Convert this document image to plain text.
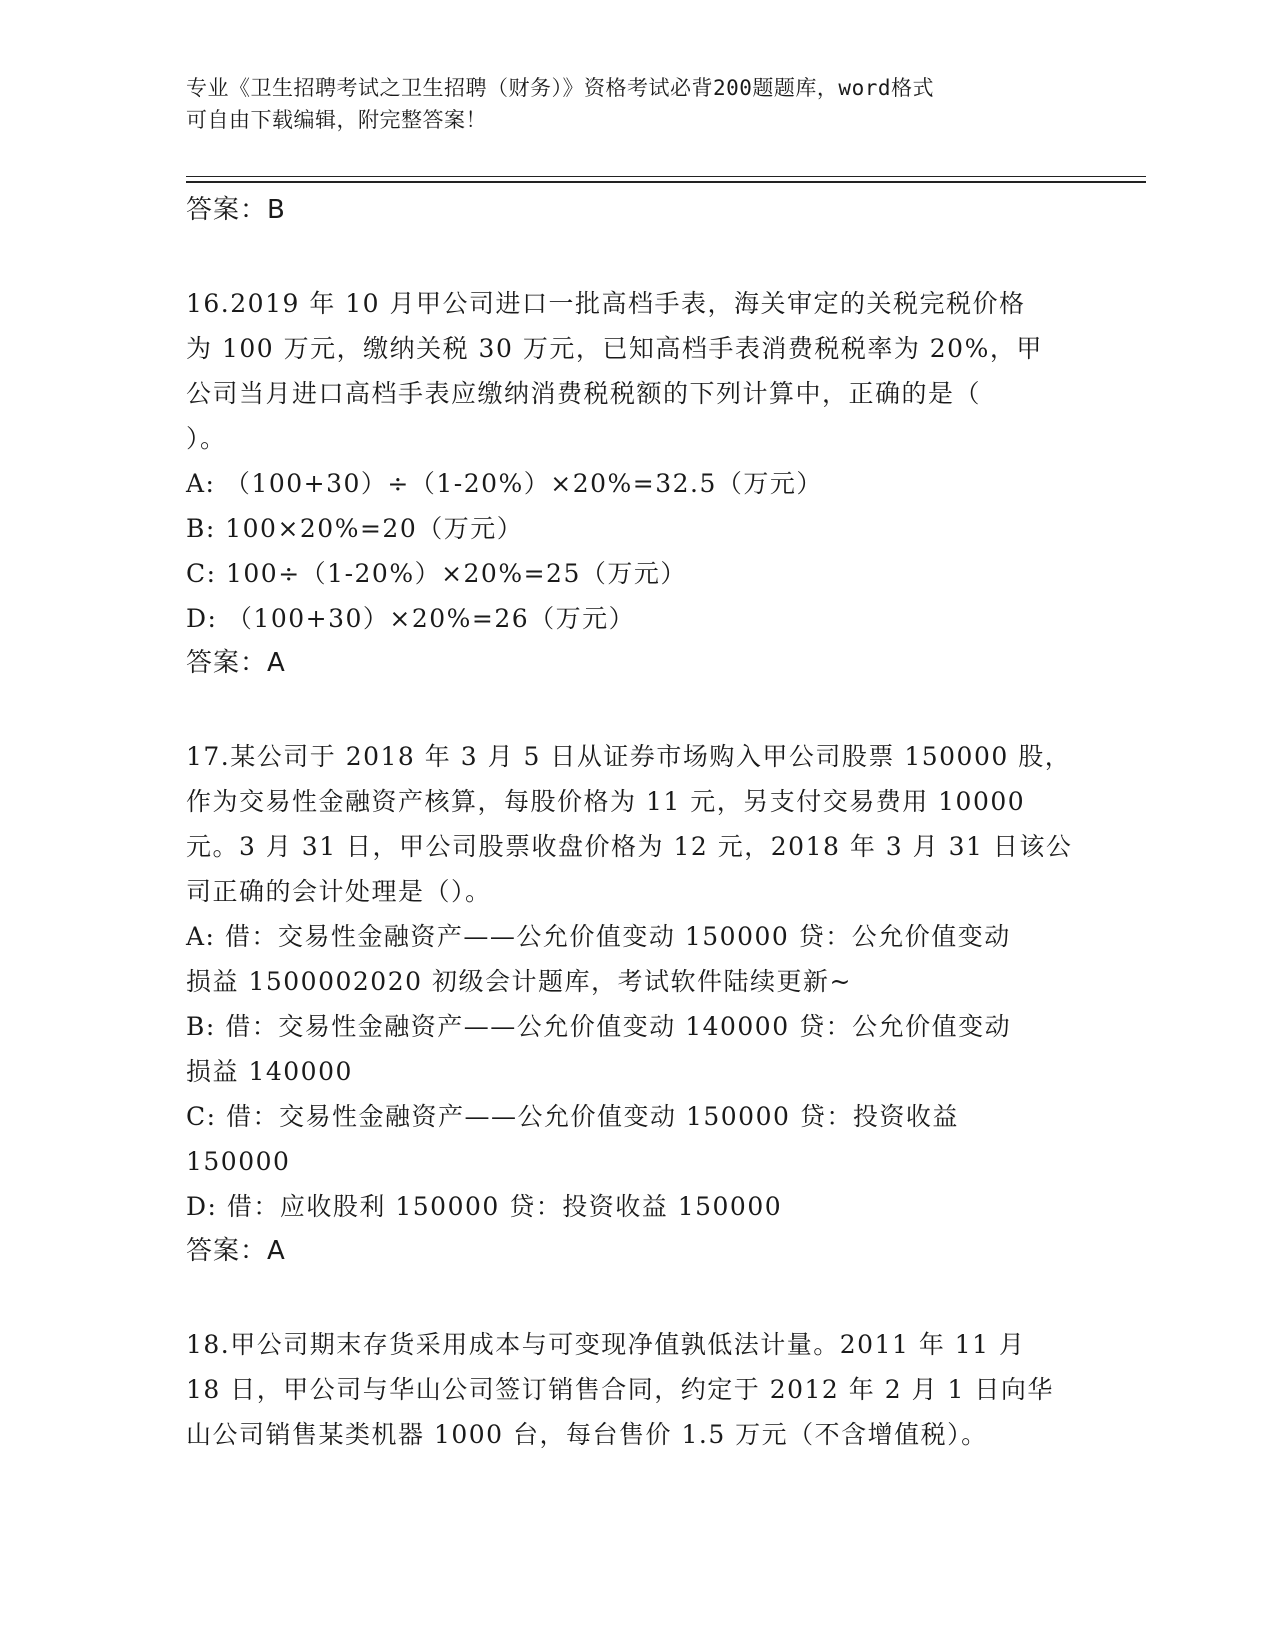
专业《卫生招聘考试之卫生招聘（财务）》资格考试必背200题题库，word格式
可自由下载编辑，附完整答案！
答案：B
16.2019 年 10 月甲公司进口一批高档手表，海关审定的关税完税价格
为 100 万元，缴纳关税 30 万元，已知高档手表消费税税率为 20%，甲
公司当月进口高档手表应缴纳消费税税额的下列计算中，正确的是（
）。
A: （100+30）÷（1-20%）×20%=32.5（万元）
B: 100×20%=20（万元）
C: 100÷（1-20%）×20%=25（万元）
D: （100+30）×20%=26（万元）
答案：A
17.某公司于 2018 年 3 月 5 日从证券市场购入甲公司股票 150000 股，
作为交易性金融资产核算，每股价格为 11 元，另支付交易费用 10000
元。3 月 31 日，甲公司股票收盘价格为 12 元，2018 年 3 月 31 日该公
司正确的会计处理是（）。
A: 借：交易性金融资产——公允价值变动 150000 贷：公允价值变动
损益 1500002020 初级会计题库，考试软件陆续更新~
B: 借：交易性金融资产——公允价值变动 140000 贷：公允价值变动
损益 140000
C: 借：交易性金融资产——公允价值变动 150000 贷：投资收益
150000
D: 借：应收股利 150000 贷：投资收益 150000
答案：A
18.甲公司期末存货采用成本与可变现净值孰低法计量。2011 年 11 月
18 日，甲公司与华山公司签订销售合同，约定于 2012 年 2 月 1 日向华
山公司销售某类机器 1000 台，每台售价 1.5 万元（不含增值税）。
